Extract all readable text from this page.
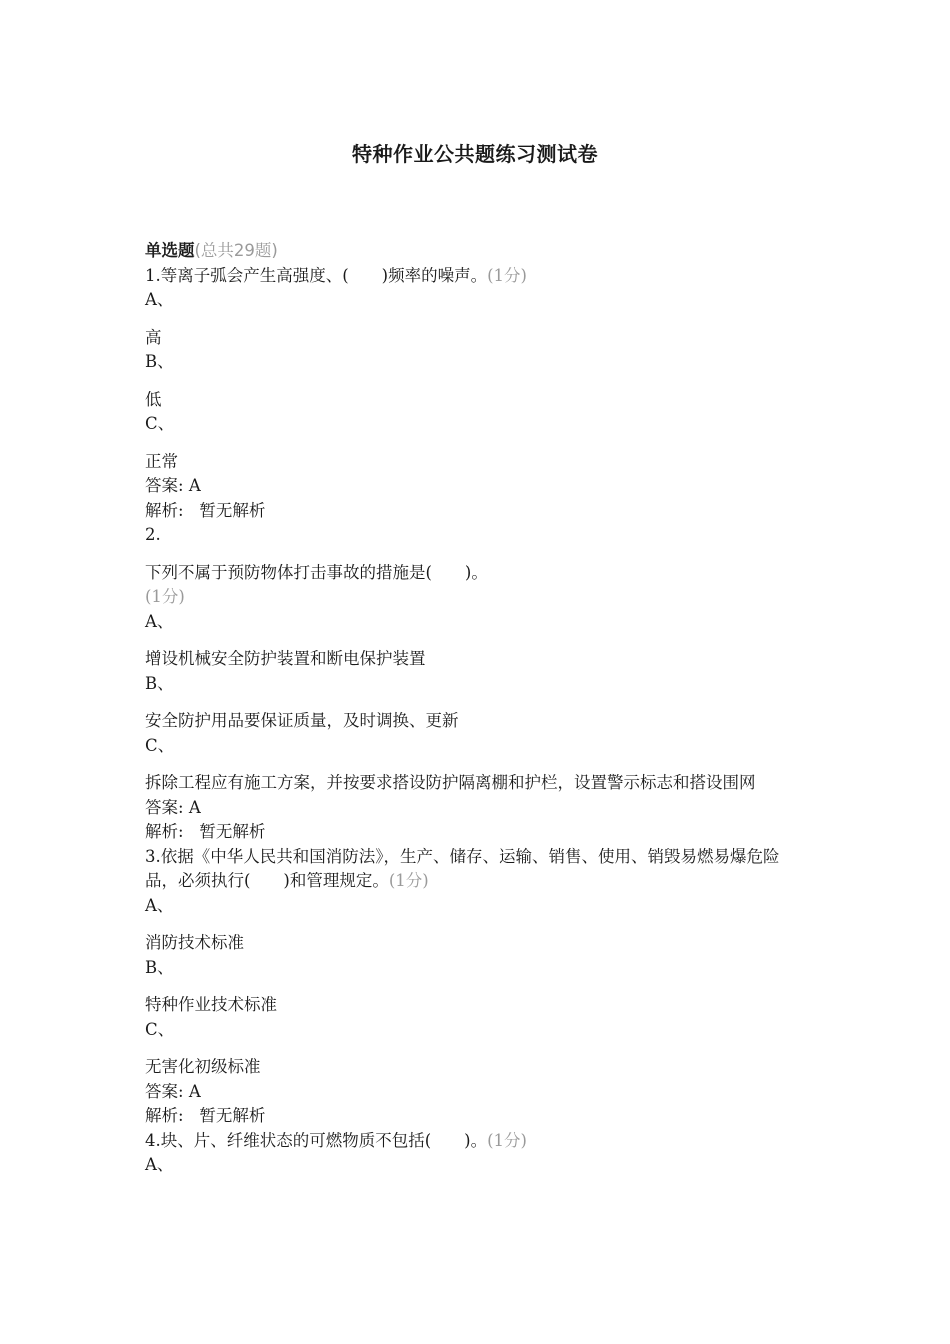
特种作业公共题练习测试卷
单选题(总共29题)
1.等离子弧会产生高强度、(　　)频率的噪声。(1分)
A、
高
B、
低
C、
正常
答案: A
解析: 暂无解析
2.
下列不属于预防物体打击事故的措施是(　　)。
(1分)
A、
增设机械安全防护装置和断电保护装置
B、
安全防护用品要保证质量，及时调换、更新
C、
拆除工程应有施工方案，并按要求搭设防护隔离棚和护栏，设置警示标志和搭设围网
答案: A
解析: 暂无解析
3.依据《中华人民共和国消防法》，生产、储存、运输、销售、使用、销毁易燃易爆危险品，必须执行(　　)和管理规定。(1分)
A、
消防技术标准
B、
特种作业技术标准
C、
无害化初级标准
答案: A
解析: 暂无解析
4.块、片、纤维状态的可燃物质不包括(　　)。(1分)
A、
